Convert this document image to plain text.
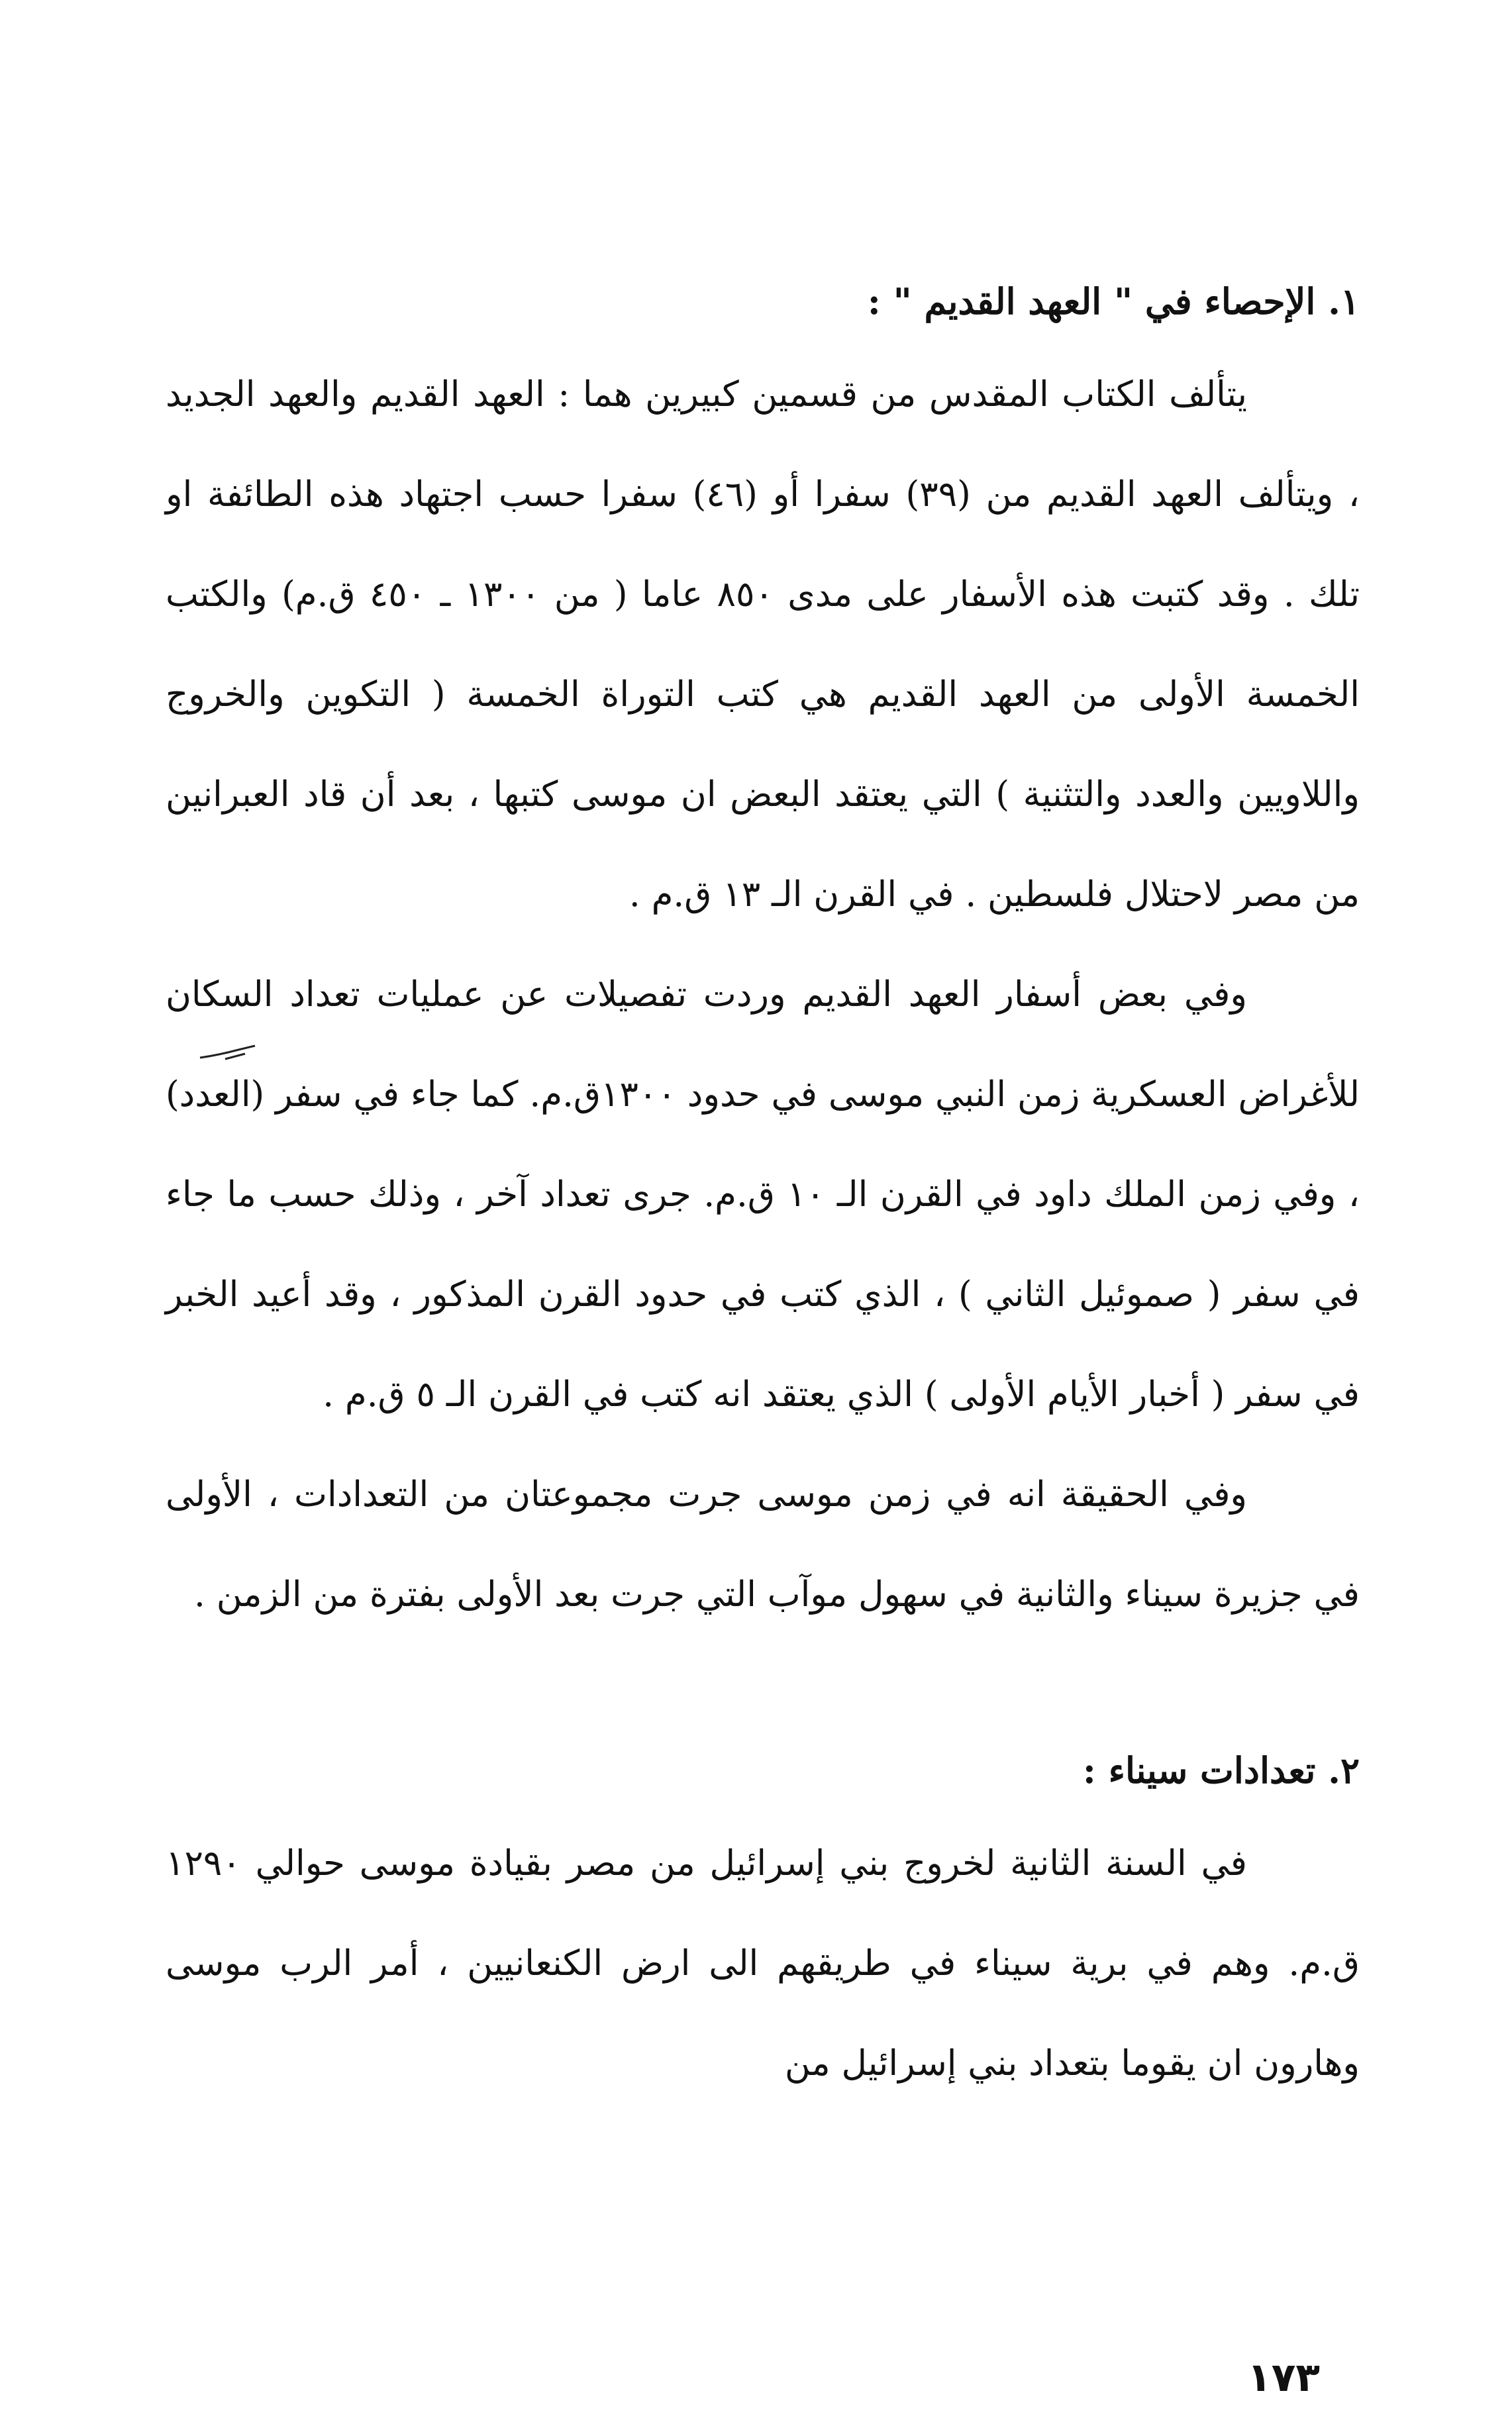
١. الإحصاء في " العهد القديم " :

يتألف الكتاب المقدس من قسمين كبيرين هما : العهد القديم والعهد الجديد ، ويتألف العهد القديم من (٣٩) سفرا أو (٤٦) سفرا حسب اجتهاد هذه الطائفة او تلك . وقد كتبت هذه الأسفار على مدى ٨٥٠ عاما ( من ١٣٠٠ ـ ٤٥٠ ق.م) والكتب الخمسة الأولى من العهد القديم هي كتب التوراة الخمسة ( التكوين والخروج واللاويين والعدد والتثنية ) التي يعتقد البعض ان موسى كتبها ، بعد أن قاد العبرانين من مصر لاحتلال فلسطين . في القرن الـ ١٣ ق.م .

وفي بعض أسفار العهد القديم وردت تفصيلات عن عمليات تعداد السكان للأغراض العسكرية زمن النبي موسى في حدود ١٣٠٠ق.م. كما جاء في سفر (العدد) ، وفي زمن الملك داود في القرن الـ ١٠ ق.م. جرى تعداد آخر ، وذلك حسب ما جاء في سفر ( صموئيل الثاني ) ، الذي كتب في حدود القرن المذكور ، وقد أعيد الخبر في سفر ( أخبار الأيام الأولى ) الذي يعتقد انه كتب في القرن الـ ٥ ق.م .

وفي الحقيقة انه في زمن موسى جرت مجموعتان من التعدادات ، الأولى في جزيرة سيناء والثانية في سهول موآب التي جرت بعد الأولى بفترة من الزمن .

٢. تعدادات سيناء :

في السنة الثانية لخروج بني إسرائيل من مصر بقيادة موسى حوالي ١٢٩٠ ق.م. وهم في برية سيناء في طريقهم الى ارض الكنعانيين ، أمر الرب موسى وهارون ان يقوما بتعداد بني إسرائيل من

١٧٣
